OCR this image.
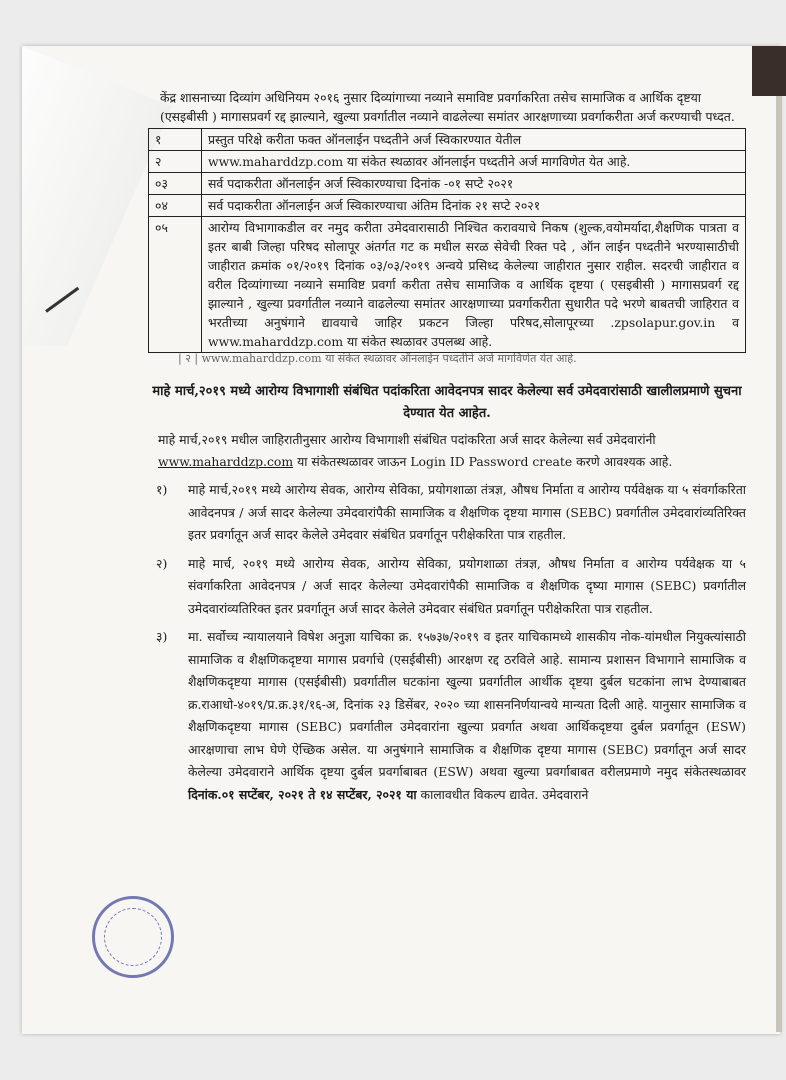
केंद्र शासनाच्या दिव्यांग अधिनियम २०१६ नुसार दिव्यांगाच्या नव्याने समाविष्ट प्रवर्गाकरिता तसेच सामाजिक व आर्थिक दृष्टया (एसइबीसी ) मागासप्रवर्ग रद्द झाल्याने, खुल्या प्रवर्गातील नव्याने वाढलेल्या समांतर आरक्षणाच्या प्रवर्गाकरीता अर्ज करण्याची पध्दत.

१	प्रस्तुत परिक्षे करीता फक्त ऑनलाईन पध्दतीने अर्ज स्विकारण्यात येतील
२	www.maharddzp.com या संकेत स्थळावर ऑनलाईन पध्दतीने अर्ज मागविणेत येत आहे.
०३	सर्व पदाकरीता ऑनलाईन अर्ज स्विकारण्याचा दिनांक -०१ सप्टे २०२१
०४	सर्व पदाकरीता ऑनलाईन अर्ज स्विकारण्याचा अंतिम दिनांक २१ सप्टे २०२१
०५	आरोग्य विभागाकडील वर नमुद करीता उमेदवारासाठी निश्चित करावयाचे निकष (शुल्क,वयोमर्यादा,शैक्षणिक पात्रता व इतर बाबी जिल्हा परिषद सोलापूर अंतर्गत गट क मधील सरळ सेवेची रिक्त पदे , ऑन लाईन पध्दतीने भरण्यासाठीची जाहीरात क्रमांक ०१/२०१९ दिनांक ०३/०३/२०१९ अन्वये प्रसिध्द केलेल्या जाहीरात नुसार राहील. सदरची जाहीरात व वरील दिव्यांगाच्या नव्याने समाविष्ट प्रवर्गा करीता तसेच सामाजिक व आर्थिक दृष्टया ( एसइबीसी ) मागासप्रवर्ग रद्द झाल्याने , खुल्या प्रवर्गातील नव्याने वाढलेल्या समांतर आरक्षणाच्या प्रवर्गाकरीता सुधारीत पदे भरणे बाबतची जाहिरात व भरतीच्या अनुषंगाने द्यावयाचे जाहिर प्रकटन जिल्हा परिषद,सोलापूरच्या .zpsolapur.gov.in व www.maharddzp.com या संकेत स्थळावर उपलब्ध आहे.
| २ | www.maharddzp.com या संकेत स्थळावर ऑनलाईन पध्दतीने अर्ज मागविणेत येत आहे.

माहे मार्च,२०१९ मध्ये आरोग्य विभागाशी संबंधित पदांकरिता आवेदनपत्र सादर केलेल्या सर्व उमेदवारांसाठी खालीलप्रमाणे सुचना देण्यात येत आहेत.

माहे मार्च,२०१९ मधील जाहिरातीनुसार आरोग्य विभागाशी संबंधित पदांकरिता अर्ज सादर केलेल्या सर्व उमेदवारांनी www.maharddzp.com या संकेतस्थळावर जाऊन Login ID Password create करणे आवश्यक आहे.

१) माहे मार्च,२०१९ मध्ये आरोग्य सेवक, आरोग्य सेविका, प्रयोगशाळा तंत्रज्ञ, औषध निर्माता व आरोग्य पर्यवेक्षक या ५ संवर्गाकरिता आवेदनपत्र / अर्ज सादर केलेल्या उमेदवारांपैकी सामाजिक व शैक्षणिक दृष्टया मागास (SEBC) प्रवर्गातील उमेदवारांव्यतिरिक्त इतर प्रवर्गातून अर्ज सादर केलेले उमेदवार संबंधित प्रवर्गातून परीक्षेकरिता पात्र राहतील.
२) माहे मार्च, २०१९ मध्ये आरोग्य सेवक, आरोग्य सेविका, प्रयोगशाळा तंत्रज्ञ, औषध निर्माता व आरोग्य पर्यवेक्षक या ५ संवर्गाकरिता आवेदनपत्र / अर्ज सादर केलेल्या उमेदवारांपैकी सामाजिक व शैक्षणिक दृष्या मागास (SEBC) प्रवर्गातील उमेदवारांव्यतिरिक्त इतर प्रवर्गातून अर्ज सादर केलेले उमेदवार संबंधित प्रवर्गातून परीक्षेकरिता पात्र राहतील.
३) मा. सर्वोच्च न्यायालयाने विषेश अनुज्ञा याचिका क्र. १५७३७/२०१९ व इतर याचिकामध्ये शासकीय नोक-यांमधील नियुक्त्यांसाठी सामाजिक व शैक्षणिकदृष्टया मागास प्रवर्गाचे (एसईबीसी) आरक्षण रद्द ठरविले आहे. सामान्य प्रशासन विभागाने सामाजिक व शैक्षणिकदृष्टया मागास (एसईबीसी) प्रवर्गातील घटकांना खुल्या प्रवर्गातील आर्थीक दृष्टया दुर्बल घटकांना लाभ देण्याबाबत क्र.राआधो-४०१९/प्र.क्र.३१/१६-अ, दिनांक २३ डिसेंबर, २०२० च्या शासननिर्णयान्वये मान्यता दिली आहे. यानुसार सामाजिक व शैक्षणिकदृष्टया मागास (SEBC) प्रवर्गातील उमेदवारांना खुल्या प्रवर्गात अथवा आर्थिकदृष्टया दुर्बल प्रवर्गातून (ESW) आरक्षणाचा लाभ घेणे ऐच्छिक असेल. या अनुषंगाने सामाजिक व शैक्षणिक दृष्टया मागास (SEBC) प्रवर्गातून अर्ज सादर केलेल्या उमेदवाराने आर्थिक दृष्टया दुर्बल प्रवर्गाबाबत (ESW) अथवा खुल्या प्रवर्गाबाबत वरीलप्रमाणे नमुद संकेतस्थळावर दिनांक.०१ सप्टेंबर, २०२१ ते १४ सप्टेंबर, २०२१ या कालावधीत विकल्प द्यावेत. उमेदवाराने
